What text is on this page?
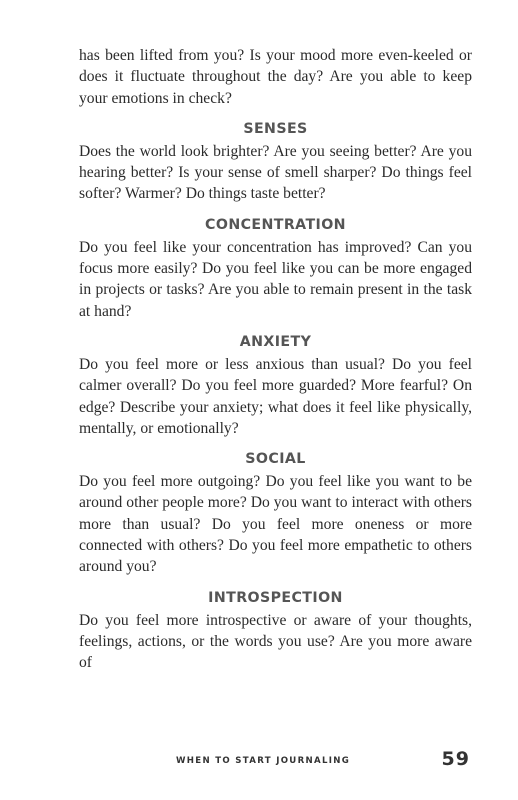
has been lifted from you? Is your mood more even-keeled or does it fluctuate throughout the day? Are you able to keep your emotions in check?

SENSES

Does the world look brighter? Are you seeing better? Are you hearing better? Is your sense of smell sharper? Do things feel softer? Warmer? Do things taste better?

CONCENTRATION

Do you feel like your concentration has improved? Can you focus more easily? Do you feel like you can be more engaged in projects or tasks? Are you able to remain present in the task at hand?

ANXIETY

Do you feel more or less anxious than usual? Do you feel calmer overall? Do you feel more guarded? More fearful? On edge? Describe your anxiety; what does it feel like physically, mentally, or emotionally?

SOCIAL

Do you feel more outgoing? Do you feel like you want to be around other people more? Do you want to interact with others more than usual? Do you feel more oneness or more connected with others? Do you feel more empathetic to others around you?

INTROSPECTION

Do you feel more introspective or aware of your thoughts, feelings, actions, or the words you use? Are you more aware of

WHEN TO START JOURNALING	59
